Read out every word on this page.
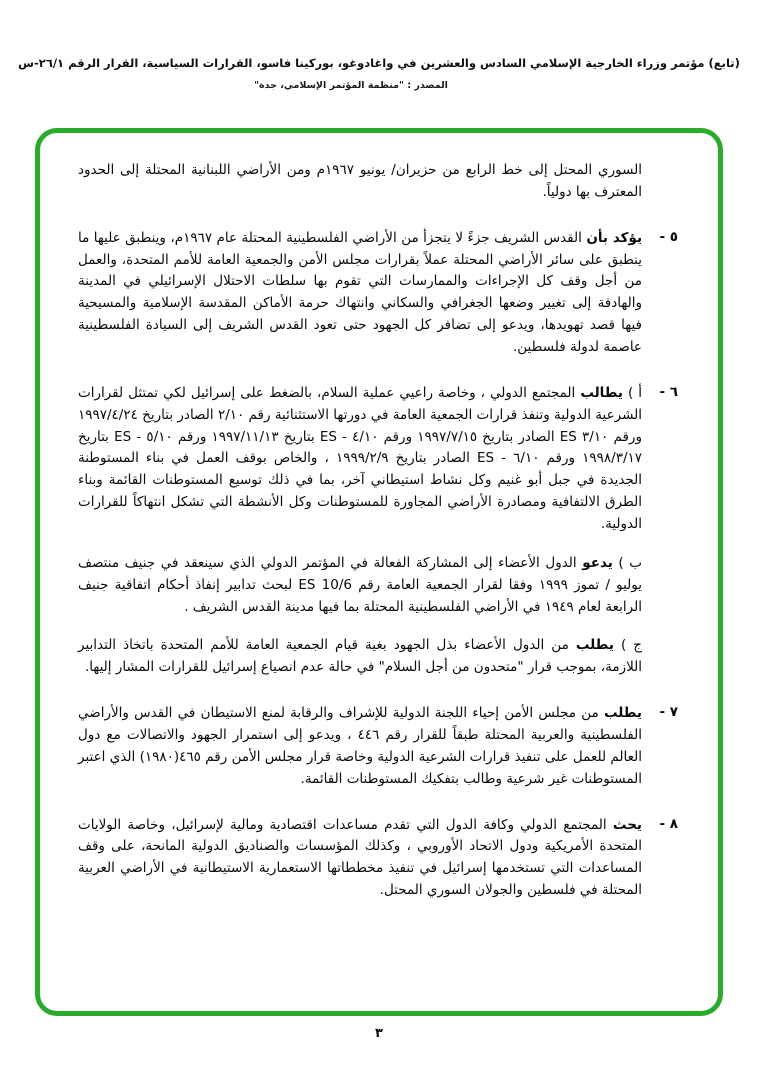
(تابع) مؤتمر وزراء الخارجية الإسلامي السادس والعشرين في واغادوغو، بوركينا فاسو، القرارات السياسية، القرار الرقم ٢٦/١-س
المصدر : "منظمة المؤتمر الإسلامي، جدة"

السوري المحتل إلى خط الرابع من حزيران/ يونيو ١٩٦٧م ومن الأراضي اللبنانية المحتلة إلى الحدود المعترف بها دولياً.

٥ -

يؤكد بأن القدس الشريف جزءً لا يتجزأ من الأراضي الفلسطينية المحتلة عام ١٩٦٧م، وينطبق عليها ما ينطبق على سائر الأراضي المحتلة عملاً بقرارات مجلس الأمن والجمعية العامة للأمم المتحدة، والعمل من أجل وقف كل الإجراءات والممارسات التي تقوم بها سلطات الاحتلال الإسرائيلي في المدينة والهادفة إلى تغيير وضعها الجغرافي والسكاني وانتهاك حرمة الأماكن المقدسة الإسلامية والمسيحية فيها قصد تهويدها، ويدعو إلى تضافر كل الجهود حتى تعود القدس الشريف إلى السيادة الفلسطينية عاصمة لدولة فلسطين.

٦ -

أ ) يطالب المجتمع الدولي ، وخاصة راعيي عملية السلام، بالضغط على إسرائيل لكي تمتثل لقرارات الشرعية الدولية وتنفذ قرارات الجمعية العامة في دورتها الاستثنائية رقم ٢/١٠ الصادر بتاريخ ١٩٩٧/٤/٢٤ ورقم ٣/١٠ ES الصادر بتاريخ ١٩٩٧/٧/١٥ ورقم ٤/١٠ - ES بتاريخ ١٩٩٧/١١/١٣ ورقم ٥/١٠ - ES بتاريخ ١٩٩٨/٣/١٧ ورقم ٦/١٠ - ES الصادر بتاريخ ١٩٩٩/٢/٩ ، والخاص بوقف العمل في بناء المستوطنة الجديدة في جبل أبو غنيم وكل نشاط استيطاني آخر، بما في ذلك توسيع المستوطنات القائمة وبناء الطرق الالتفافية ومصادرة الأراضي المجاورة للمستوطنات وكل الأنشطة التي تشكل انتهاكاً للقرارات الدولية.

ب ) يدعو الدول الأعضاء إلى المشاركة الفعالة في المؤتمر الدولي الذي سينعقد في جنيف منتصف يوليو / تموز ١٩٩٩ وفقا لقرار الجمعية العامة رقم ES 10/6 لبحث تدابير إنفاذ أحكام اتفاقية جنيف الرابعة لعام ١٩٤٩ في الأراضي الفلسطينية المحتلة بما فيها مدينة القدس الشريف .

ج ) يطلب من الدول الأعضاء بذل الجهود بغية قيام الجمعية العامة للأمم المتحدة باتخاذ التدابير اللازمة، بموجب قرار "متحدون من أجل السلام" في حالة عدم انصياع إسرائيل للقرارات المشار إليها.

٧ -

يطلب من مجلس الأمن إحياء اللجنة الدولية للإشراف والرقابة لمنع الاستيطان في القدس والأراضي الفلسطينية والعربية المحتلة طبقاً للقرار رقم ٤٤٦ ، ويدعو إلى استمرار الجهود والاتصالات مع دول العالم للعمل على تنفيذ قرارات الشرعية الدولية وخاصة قرار مجلس الأمن رقم ٤٦٥(١٩٨٠) الذي اعتبر المستوطنات غير شرعية وطالب بتفكيك المستوطنات القائمة.

٨ -

يحث المجتمع الدولي وكافة الدول التي تقدم مساعدات اقتصادية ومالية لإسرائيل، وخاصة الولايات المتحدة الأمريكية ودول الاتحاد الأوروبي ، وكذلك المؤسسات والصناديق الدولية المانحة، على وقف المساعدات التي تستخدمها إسرائيل في تنفيذ مخططاتها الاستعمارية الاستيطانية في الأراضي العربية المحتلة في فلسطين والجولان السوري المحتل.

٣
